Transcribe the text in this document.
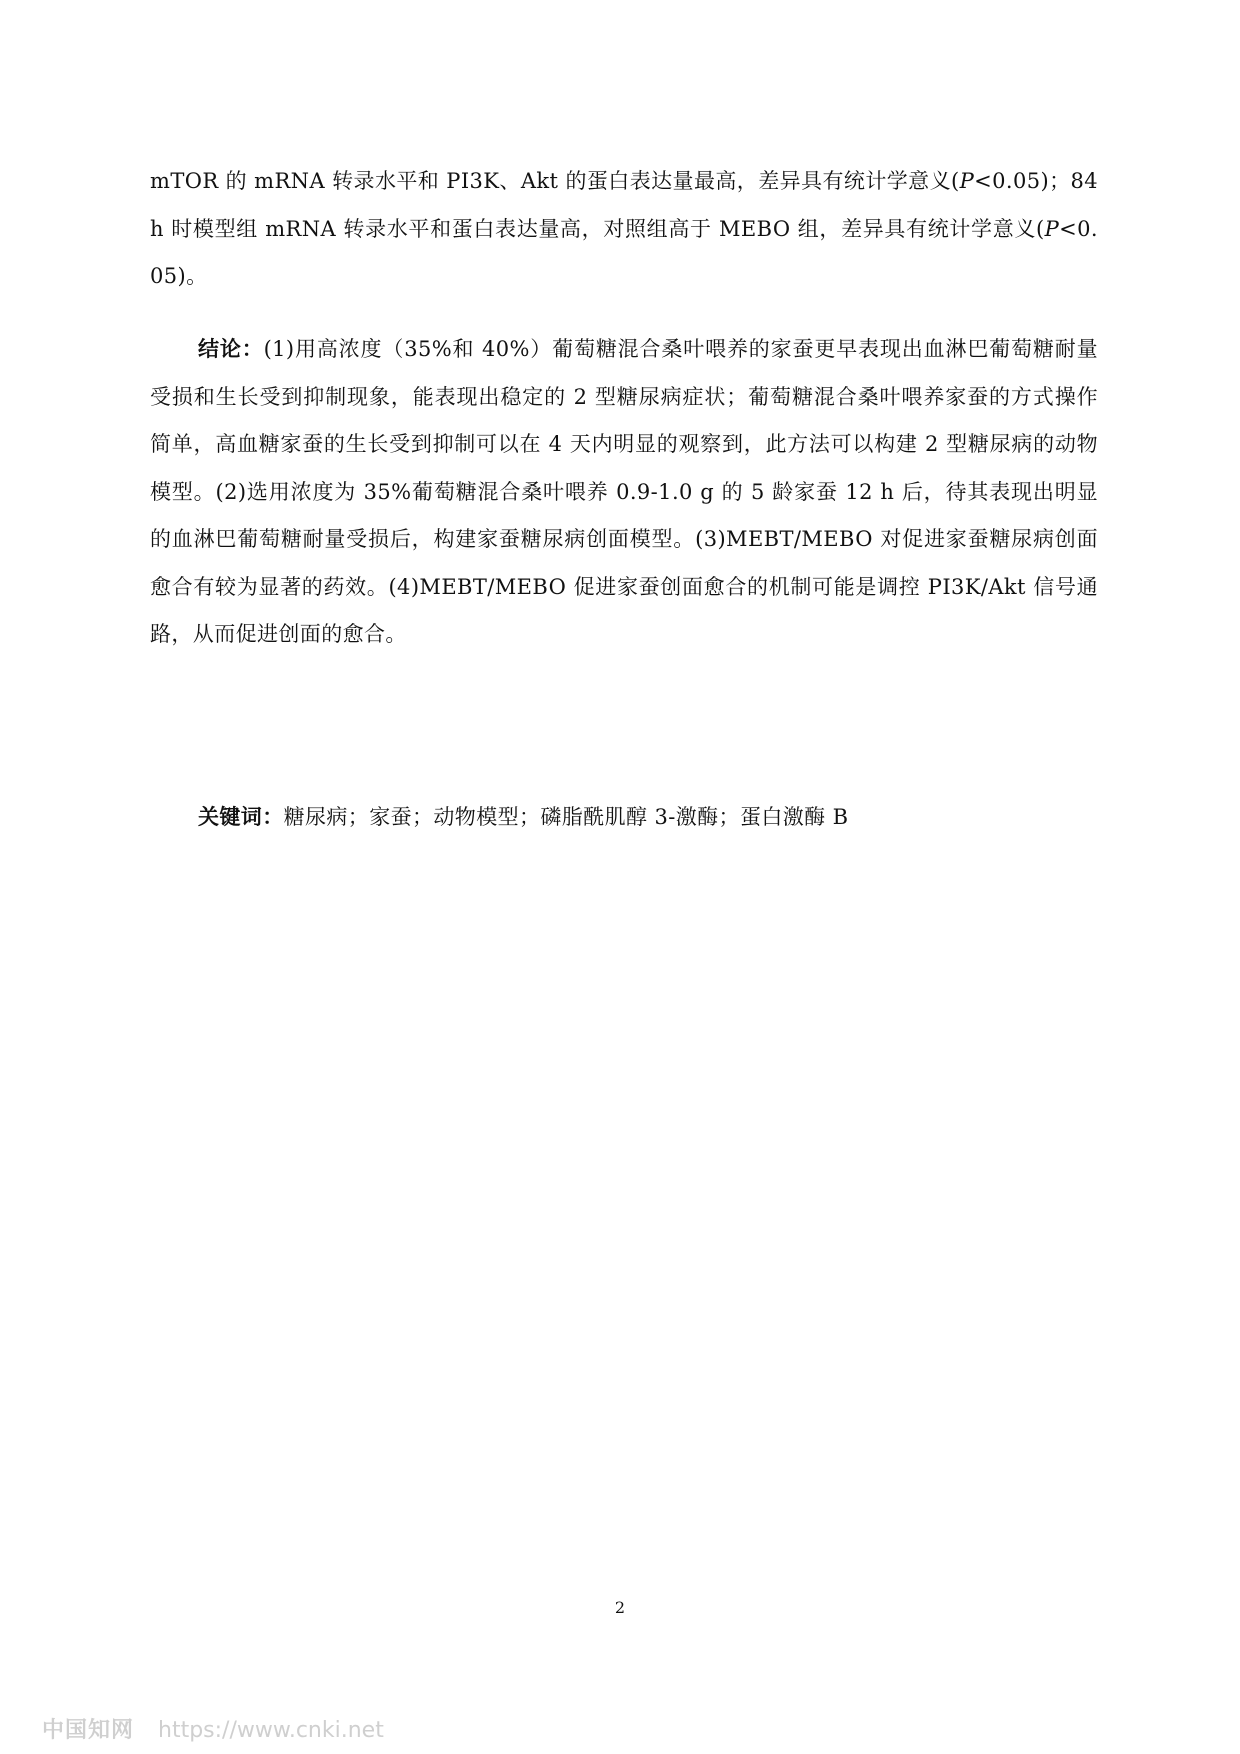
mTOR 的 mRNA 转录水平和 PI3K、Akt 的蛋白表达量最高，差异具有统计学意义(P<0.05)；84 h 时模型组 mRNA 转录水平和蛋白表达量高，对照组高于 MEBO 组，差异具有统计学意义(P<0.05)。

结论：(1)用高浓度（35%和 40%）葡萄糖混合桑叶喂养的家蚕更早表现出血淋巴葡萄糖耐量受损和生长受到抑制现象，能表现出稳定的 2 型糖尿病症状；葡萄糖混合桑叶喂养家蚕的方式操作简单，高血糖家蚕的生长受到抑制可以在 4 天内明显的观察到，此方法可以构建 2 型糖尿病的动物模型。(2)选用浓度为 35%葡萄糖混合桑叶喂养 0.9-1.0 g 的 5 龄家蚕 12 h 后，待其表现出明显的血淋巴葡萄糖耐量受损后，构建家蚕糖尿病创面模型。(3)MEBT/MEBO 对促进家蚕糖尿病创面愈合有较为显著的药效。(4)MEBT/MEBO 促进家蚕创面愈合的机制可能是调控 PI3K/Akt 信号通路，从而促进创面的愈合。

关键词：糖尿病；家蚕；动物模型；磷脂酰肌醇 3-激酶；蛋白激酶 B

2
中国知网 https://www.cnki.net
